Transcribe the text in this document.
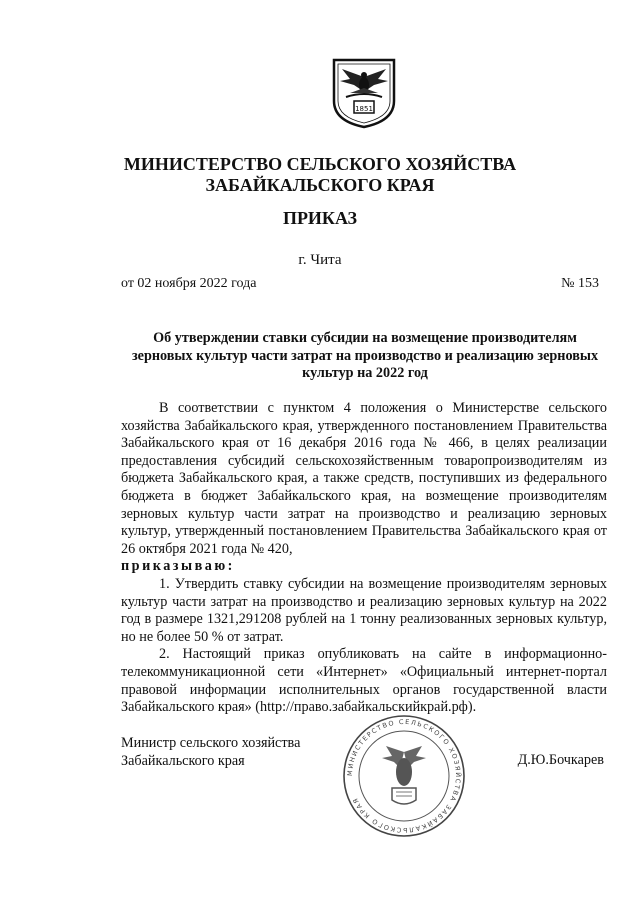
1851
МИНИСТЕРСТВО СЕЛЬСКОГО ХОЗЯЙСТВА
ЗАБАЙКАЛЬСКОГО КРАЯ
ПРИКАЗ
г. Чита
от 02 ноября 2022 года	№ 153
Об утверждении ставки субсидии на возмещение производителям
зерновых культур части затрат на производство и реализацию зерновых
культур на 2022 год

В соответствии с пунктом 4 положения о Министерстве сельского хозяйства Забайкальского края, утвержденного постановлением Правительства Забайкальского края от 16 декабря 2016 года № 466, в целях реализации предоставления субсидий сельскохозяйственным товаропроизводителям из бюджета Забайкальского края, а также средств, поступивших из федерального бюджета в бюджет Забайкальского края, на возмещение производителям зерновых культур части затрат на производство и реализацию зерновых культур, утвержденный постановлением Правительства Забайкальского края от 26 октября 2021 года № 420,
приказываю:

1. Утвердить ставку субсидии на возмещение производителям зерновых культур части затрат на производство и реализацию зерновых культур на 2022 год в размере 1321,291208 рублей на 1 тонну реализованных зерновых культур, но не более 50 % от затрат.

2. Настоящий приказ опубликовать на сайте в информационно-телекоммуникационной сети «Интернет» «Официальный интернет-портал правовой информации исполнительных органов государственной власти Забайкальского края» (http://право.забайкальскийкрай.рф).

Министр сельского хозяйства
Забайкальского края
МИНИСТЕРСТВО СЕЛЬСКОГО ХОЗЯЙСТВА ЗАБАЙКАЛЬСКОГО КРАЯ
Д.Ю.Бочкарев
